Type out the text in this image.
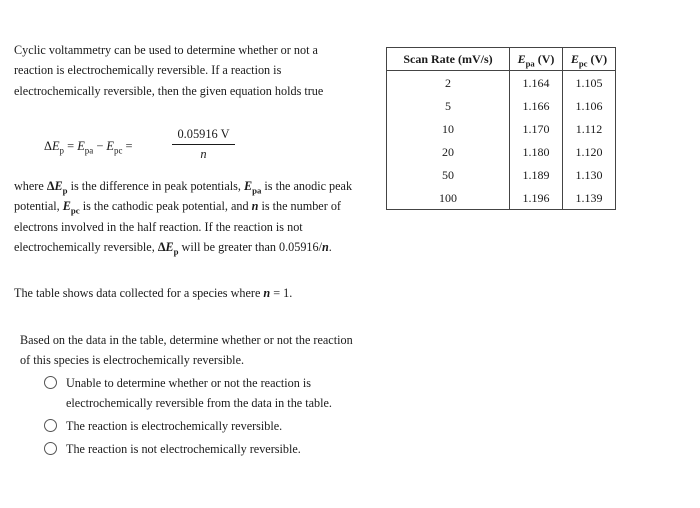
Cyclic voltammetry can be used to determine whether or not a reaction is electrochemically reversible. If a reaction is electrochemically reversible, then the given equation holds true
$\Delta E_p = E_{pa} - E_{pc}$ =	$\frac{0.05916 V}{n}$
where $\Delta E_p$ is the difference in peak potentials, $E_{pa}$ is the anodic peak potential, $E_{pc}$ is the cathodic peak potential, and n is the number of electrons involved in the half reaction. If the reaction is not electrochemically reversible, $\Delta E_p$ will be greater than 0.05916/n.
The table shows data collected for a species where n = 1.
Based on the data in the table, determine whether or not the reaction of this species is electrochemically reversible.
Unable to determine whether or not the reaction is electrochemically reversible from the data in the table.
The reaction is electrochemically reversible.
The reaction is not electrochemically reversible.
Scan Rate (mV/s)	$E_{pa}$ (V)	$E_{pc}$ (V)
2	1.164	1.105
5	1.166	1.106
10	1.170	1.112
20	1.180	1.120
50	1.189	1.130
100	1.196	1.139
